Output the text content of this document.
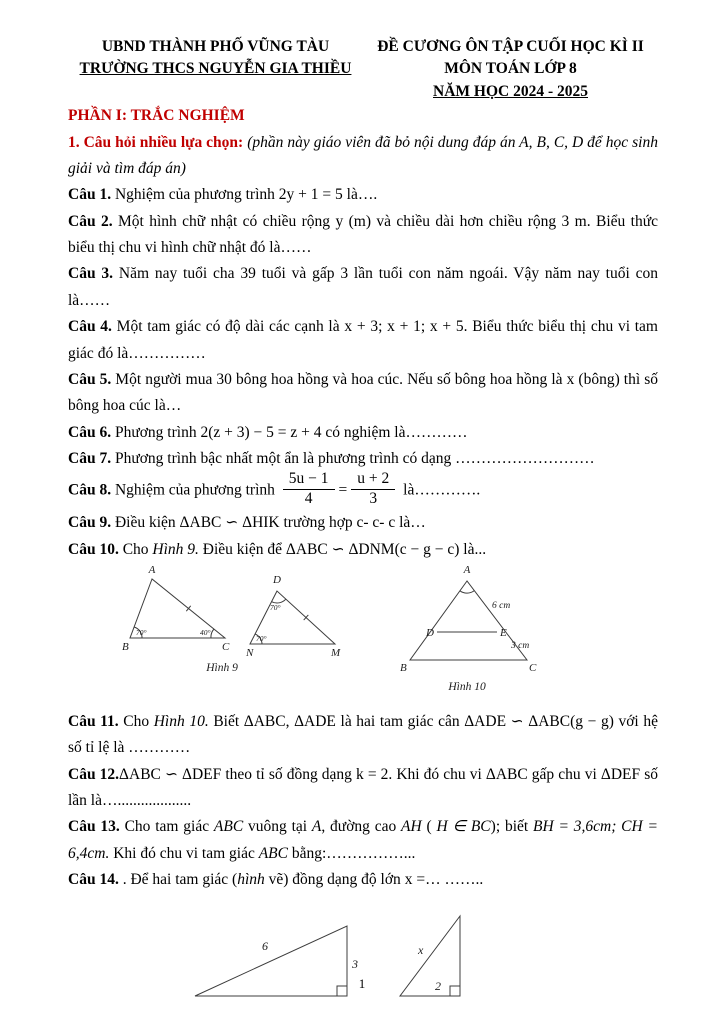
UBND THÀNH PHỐ VŨNG TÀU
TRƯỜNG THCS NGUYỄN GIA THIỀU
ĐỀ CƯƠNG ÔN TẬP CUỐI HỌC KÌ II
MÔN TOÁN LỚP 8
NĂM HỌC 2024 - 2025

PHẦN I: TRẮC NGHIỆM

1. Câu hỏi nhiều lựa chọn: (phần này giáo viên đã bỏ nội dung đáp án A, B, C, D để học sinh giải và tìm đáp án)

Câu 1. Nghiệm của phương trình 2y + 1 = 5 là….

Câu 2. Một hình chữ nhật có chiều rộng y (m) và chiều dài hơn chiều rộng 3 m. Biểu thức biểu thị chu vi hình chữ nhật đó là……

Câu 3. Năm nay tuổi cha 39 tuổi và gấp 3 lần tuổi con năm ngoái. Vậy năm nay tuổi con là……

Câu 4. Một tam giác có độ dài các cạnh là x + 3; x + 1; x + 5. Biểu thức biểu thị chu vi tam giác đó là……………

Câu 5. Một người mua 30 bông hoa hồng và hoa cúc. Nếu số bông hoa hồng là x (bông) thì số bông hoa cúc là…

Câu 6. Phương trình 2(z + 3) − 5 = z + 4 có nghiệm là…………

Câu 7. Phương trình bậc nhất một ẩn là phương trình có dạng ………………………

Câu 8. Nghiệm của phương trình $\frac{5u - 1}{4} = \frac{u + 2}{3}$ là………….

Câu 9. Điều kiện ΔABC ∽ ΔHIK trường hợp c- c- c là…

Câu 10. Cho Hình 9. Điều kiện để ΔABC ∽ ΔDNM(c − g − c) là...

A
B	C
70°	40°
D
N	M
70°
70°
Hình 9
A
B	C
D	E
6 cm
3 cm
Hình 10

Câu 11. Cho Hình 10. Biết ΔABC, ΔADE là hai tam giác cân ΔADE ∽ ΔABC(g − g) với hệ số tỉ lệ là …………

Câu 12.ΔABC ∽ ΔDEF theo tỉ số đồng dạng k = 2. Khi đó chu vi ΔABC gấp chu vi ΔDEF số lần là…...................

Câu 13. Cho tam giác ABC vuông tại A, đường cao AH ( H ∈ BC); biết BH = 3,6cm; CH = 6,4cm. Khi đó chu vi tam giác ABC bằng:……………...

Câu 14. . Để hai tam giác (hình vẽ) đồng dạng độ lớn x =… ……..

6
3
x
2
1
